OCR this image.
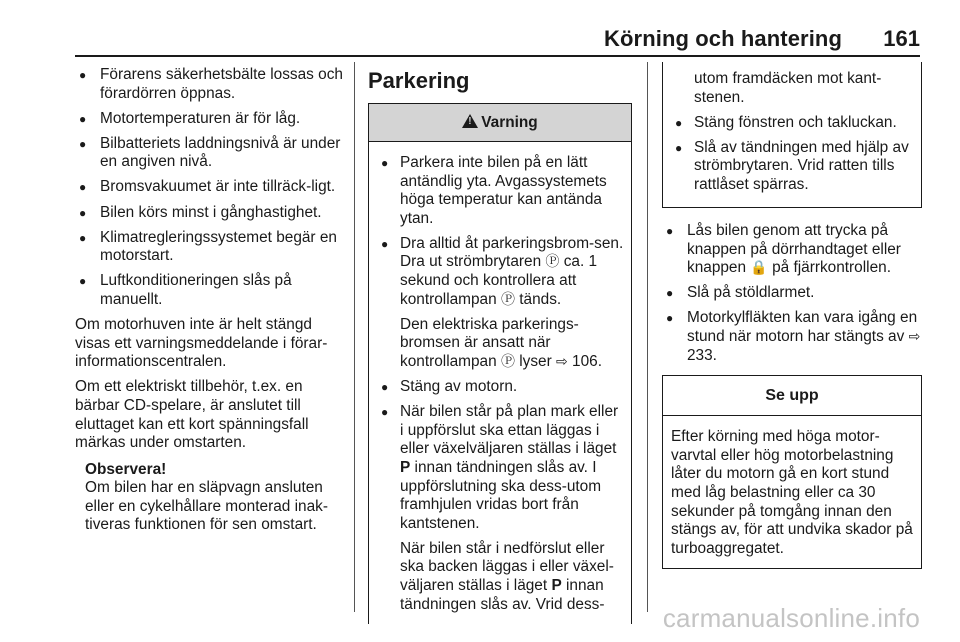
Körning och hantering 161
● Förarens säkerhetsbälte lossas och förardörren öppnas.
● Motortemperaturen är för låg.
● Bilbatteriets laddningsnivå är under en angiven nivå.
● Bromsvakuumet är inte tillräck-ligt.
● Bilen körs minst i gånghastighet.
● Klimatregleringssystemet begär en motorstart.
● Luftkonditioneringen slås på manuellt.

Om motorhuven inte är helt stängd visas ett varningsmeddelande i förar-informationscentralen.

Om ett elektriskt tillbehör, t.ex. en bärbar CD-spelare, är anslutet till eluttaget kan ett kort spänningsfall märkas under omstarten.

Observera!
Om bilen har en släpvagn ansluten eller en cykelhållare monterad inak-tiveras funktionen för sen omstart.
Parkering
!Varning
● Parkera inte bilen på en lätt antändlig yta. Avgassystemets höga temperatur kan antända ytan.
● Dra alltid åt parkeringsbrom-sen. Dra ut strömbrytaren Ⓟ ca. 1 sekund och kontrollera att kontrollampan Ⓟ tänds.

Den elektriska parkerings-bromsen är ansatt när kontrollampan Ⓟ lyser ⇨ 106.

● Stäng av motorn.
● När bilen står på plan mark eller i uppförslut ska ettan läggas i eller växelväljaren ställas i läget P innan tändningen slås av. I uppförslutning ska dess-utom framhjulen vridas bort från kantstenen.

När bilen står i nedförslut eller ska backen läggas i eller växel-väljaren ställas i läget P innan tändningen slås av. Vrid dess-

utom framdäcken mot kant-stenen.

● Stäng fönstren och takluckan.
● Slå av tändningen med hjälp av strömbrytaren. Vrid ratten tills rattlåset spärras.
● Lås bilen genom att trycka på knappen på dörrhandtaget eller knappen 🔒 på fjärrkontrollen.
● Slå på stöldlarmet.
● Motorkylfläkten kan vara igång en stund när motorn har stängts av ⇨ 233.
Se upp

Efter körning med höga motor-varvtal eller hög motorbelastning låter du motorn gå en kort stund med låg belastning eller ca 30 sekunder på tomgång innan den stängs av, för att undvika skador på turboaggregatet.

carmanualsonline.info
